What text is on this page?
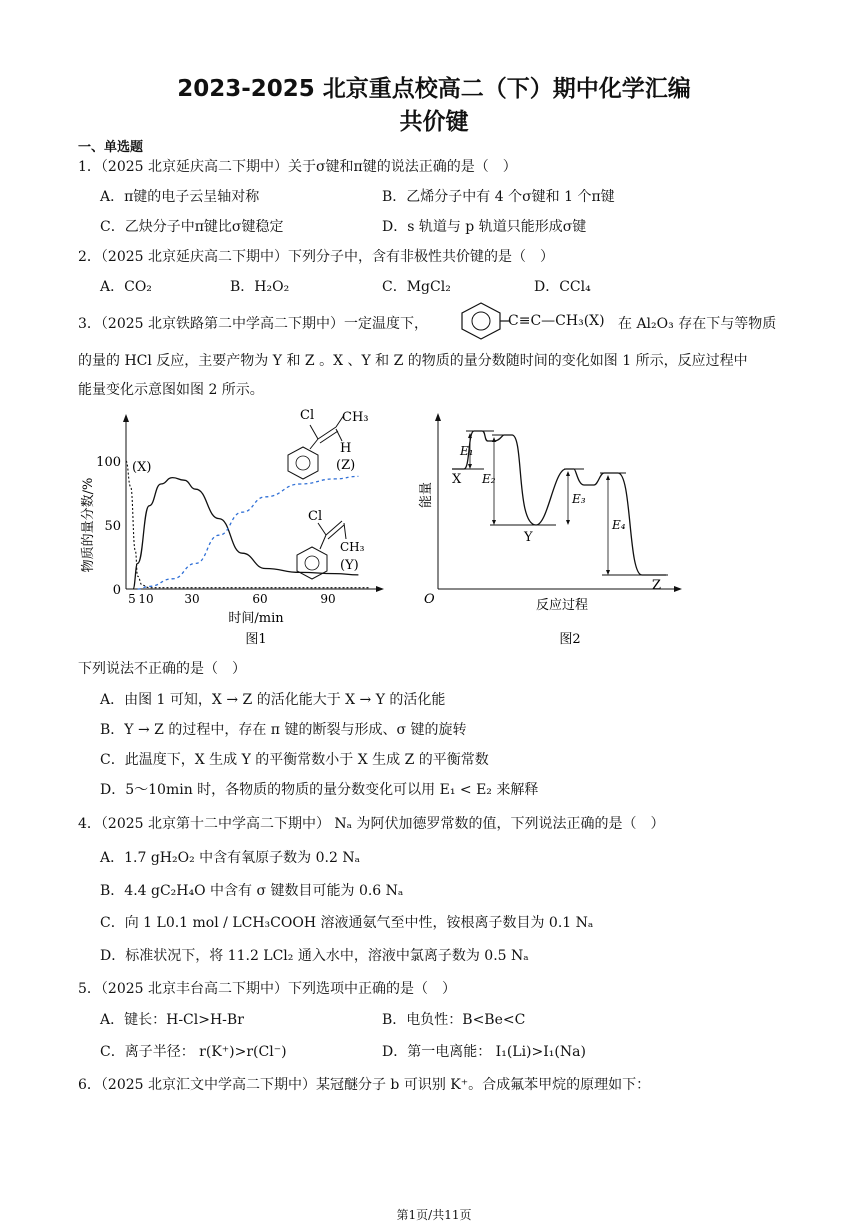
2023-2025 北京重点校高二（下）期中化学汇编
共价键
一、单选题
1．（2025 北京延庆高二下期中）关于σ键和π键的说法正确的是（　）
A．π键的电子云呈轴对称	B．乙烯分子中有 4 个σ键和 1 个π键
C．乙炔分子中π键比σ键稳定	D．s 轨道与 p 轨道只能形成σ键
2．（2025 北京延庆高二下期中）下列分子中，含有非极性共价键的是（　）
A．CO₂	B．H₂O₂	C．MgCl₂	D．CCl₄
3．（2025 北京铁路第二中学高二下期中）一定温度下，	C≡C—CH₃(X) 在 Al₂O₃ 存在下与等物质
的量的 HCl 反应，主要产物为 Y 和 Z 。X 、Y 和 Z 的物质的量分数随时间的变化如图 1 所示，反应过程中
能量变化示意图如图 2 所示。
物质的量分数/%
100
50
0
5 10	30	60	90
时间/min
图1
(X)
Cl CH₃
H
(Z)
Cl
CH₃
(Y)
能量
O	反应过程
图2
E₁
E₂
E₃
E₄
X
Y
Z
下列说法不正确的是（　）
A．由图 1 可知，X → Z 的活化能大于 X → Y 的活化能
B．Y → Z 的过程中，存在 π 键的断裂与形成、σ 键的旋转
C．此温度下，X 生成 Y 的平衡常数小于 X 生成 Z 的平衡常数
D．5～10min 时，各物质的物质的量分数变化可以用 E₁ < E₂ 来解释
4．（2025 北京第十二中学高二下期中） Nₐ 为阿伏加德罗常数的值，下列说法正确的是（　）
A．1.7 gH₂O₂ 中含有氧原子数为 0.2 Nₐ
B．4.4 gC₂H₄O 中含有 σ 键数目可能为 0.6 Nₐ
C．向 1 L0.1 mol / LCH₃COOH 溶液通氨气至中性，铵根离子数目为 0.1 Nₐ
D．标准状况下，将 11.2 LCl₂ 通入水中，溶液中氯离子数为 0.5 Nₐ
5．（2025 北京丰台高二下期中）下列选项中正确的是（　）
A．键长：H-Cl>H-Br	B．电负性：B<Be<C
C．离子半径： r(K⁺)>r(Cl⁻)	D．第一电离能： I₁(Li)>I₁(Na)
6．（2025 北京汇文中学高二下期中）某冠醚分子 b 可识别 K⁺。合成氟苯甲烷的原理如下：
第1页/共11页
